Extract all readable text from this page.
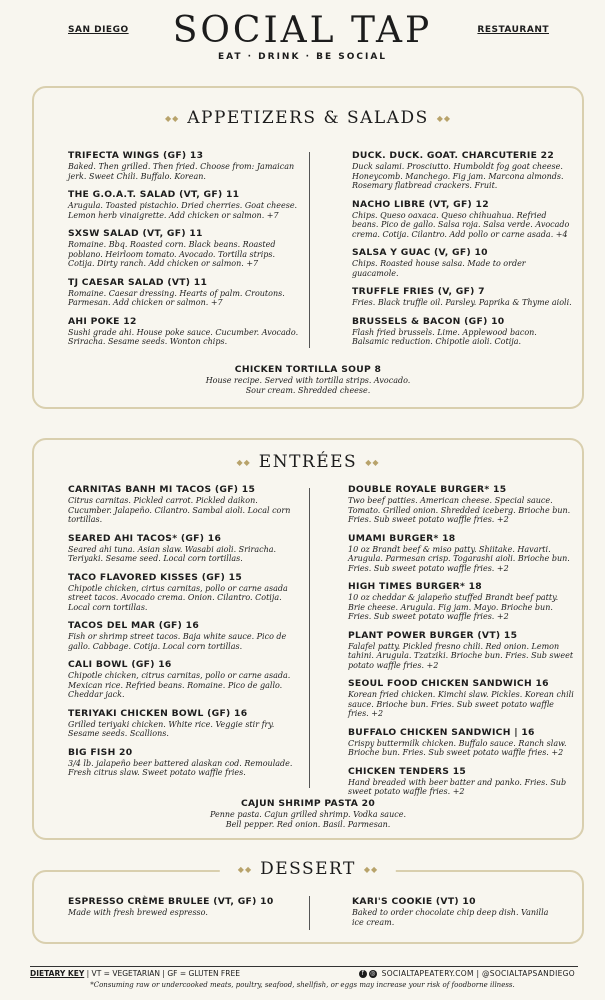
SAN DIEGO	RESTAURANT
SOCIAL TAP
EAT · DRINK · BE SOCIAL
◆◆ APPETIZERS & SALADS ◆◆
TRIFECTA WINGS (GF) 13
Baked. Then grilled. Then fried. Choose from: Jamaican jerk. Sweet Chili. Buffalo. Korean.
THE G.O.A.T. SALAD (VT, GF) 11
Arugula. Toasted pistachio. Dried cherries. Goat cheese. Lemon herb vinaigrette. Add chicken or salmon. +7
SXSW SALAD (VT, GF) 11
Romaine. Bbq. Roasted corn. Black beans. Roasted poblano. Heirloom tomato. Avocado. Tortilla strips. Cotija. Dirty ranch. Add chicken or salmon. +7
TJ CAESAR SALAD (VT) 11
Romaine. Caesar dressing. Hearts of palm. Croutons. Parmesan. Add chicken or salmon. +7
AHI POKE 12
Sushi grade ahi. House poke sauce. Cucumber. Avocado. Sriracha. Sesame seeds. Wonton chips.
DUCK. DUCK. GOAT. CHARCUTERIE 22
Duck salami. Prosciutto. Humboldt fog goat cheese. Honeycomb. Manchego. Fig jam. Marcona almonds. Rosemary flatbread crackers. Fruit.
NACHO LIBRE (VT, GF) 12
Chips. Queso oaxaca. Queso chihuahua. Refried beans. Pico de gallo. Salsa roja. Salsa verde. Avocado crema. Cotija. Cilantro. Add pollo or carne asada. +4
SALSA Y GUAC (V, GF) 10
Chips. Roasted house salsa. Made to order guacamole.
TRUFFLE FRIES (V, GF) 7
Fries. Black truffle oil. Parsley. Paprika & Thyme aioli.
BRUSSELS & BACON (GF) 10
Flash fried brussels. Lime. Applewood bacon. Balsamic reduction. Chipotle aioli. Cotija.
CHICKEN TORTILLA SOUP 8
House recipe. Served with tortilla strips. Avocado. Sour cream. Shredded cheese.
◆◆ ENTRÉES ◆◆
CARNITAS BANH MI TACOS (GF) 15
Citrus carnitas. Pickled carrot. Pickled daikon. Cucumber. Jalapeño. Cilantro. Sambal aioli. Local corn tortillas.
SEARED AHI TACOS* (GF) 16
Seared ahi tuna. Asian slaw. Wasabi aioli. Sriracha. Teriyaki. Sesame seed. Local corn tortillas.
TACO FLAVORED KISSES (GF) 15
Chipotle chicken, cirtus carnitas, pollo or carne asada street tacos. Avocado crema. Onion. Cilantro. Cotija. Local corn tortillas.
TACOS DEL MAR (GF) 16
Fish or shrimp street tacos. Baja white sauce. Pico de gallo. Cabbage. Cotija. Local corn tortillas.
CALI BOWL (GF) 16
Chipotle chicken, citrus carnitas, pollo or carne asada. Mexican rice. Refried beans. Romaine. Pico de gallo. Cheddar jack.
TERIYAKI CHICKEN BOWL (GF) 16
Grilled teriyaki chicken. White rice. Veggie stir fry. Sesame seeds. Scallions.
BIG FISH 20
3/4 lb. jalapeño beer battered alaskan cod. Remoulade. Fresh citrus slaw. Sweet potato waffle fries.
DOUBLE ROYALE BURGER* 15
Two beef patties. American cheese. Special sauce. Tomato. Grilled onion. Shredded iceberg. Brioche bun. Fries. Sub sweet potato waffle fries. +2
UMAMI BURGER* 18
10 oz Brandt beef & miso patty. Shiitake. Havarti. Arugula. Parmesan crisp. Togarashi aioli. Brioche bun. Fries. Sub sweet potato waffle fries. +2
HIGH TIMES BURGER* 18
10 oz cheddar & jalapeño stuffed Brandt beef patty. Brie cheese. Arugula. Fig jam. Mayo. Brioche bun. Fries. Sub sweet potato waffle fries. +2
PLANT POWER BURGER (VT) 15
Falafel patty. Pickled fresno chili. Red onion. Lemon tahini. Arugula. Tzatziki. Brioche bun. Fries. Sub sweet potato waffle fries. +2
SEOUL FOOD CHICKEN SANDWICH 16
Korean fried chicken. Kimchi slaw. Pickles. Korean chili sauce. Brioche bun. Fries. Sub sweet potato waffle fries. +2
BUFFALO CHICKEN SANDWICH | 16
Crispy buttermilk chicken. Buffalo sauce. Ranch slaw. Brioche bun. Fries. Sub sweet potato waffle fries. +2
CHICKEN TENDERS 15
Hand breaded with beer batter and panko. Fries. Sub sweet potato waffle fries. +2
CAJUN SHRIMP PASTA 20
Penne pasta. Cajun grilled shrimp. Vodka sauce. Bell pepper. Red onion. Basil. Parmesan.
◆◆ DESSERT ◆◆
ESPRESSO CRÈME BRULEE (VT, GF) 10
Made with fresh brewed espresso.
KARI'S COOKIE (VT) 10
Baked to order chocolate chip deep dish. Vanilla ice cream.
DIETARY KEY | VT = VEGETARIAN | GF = GLUTEN FREE	f ◎ SOCIALTAPEATERY.COM | @SOCIALTAPSANDIEGO
*Consuming raw or undercooked meats, poultry, seafood, shellfish, or eggs may increase your risk of foodborne illness.
